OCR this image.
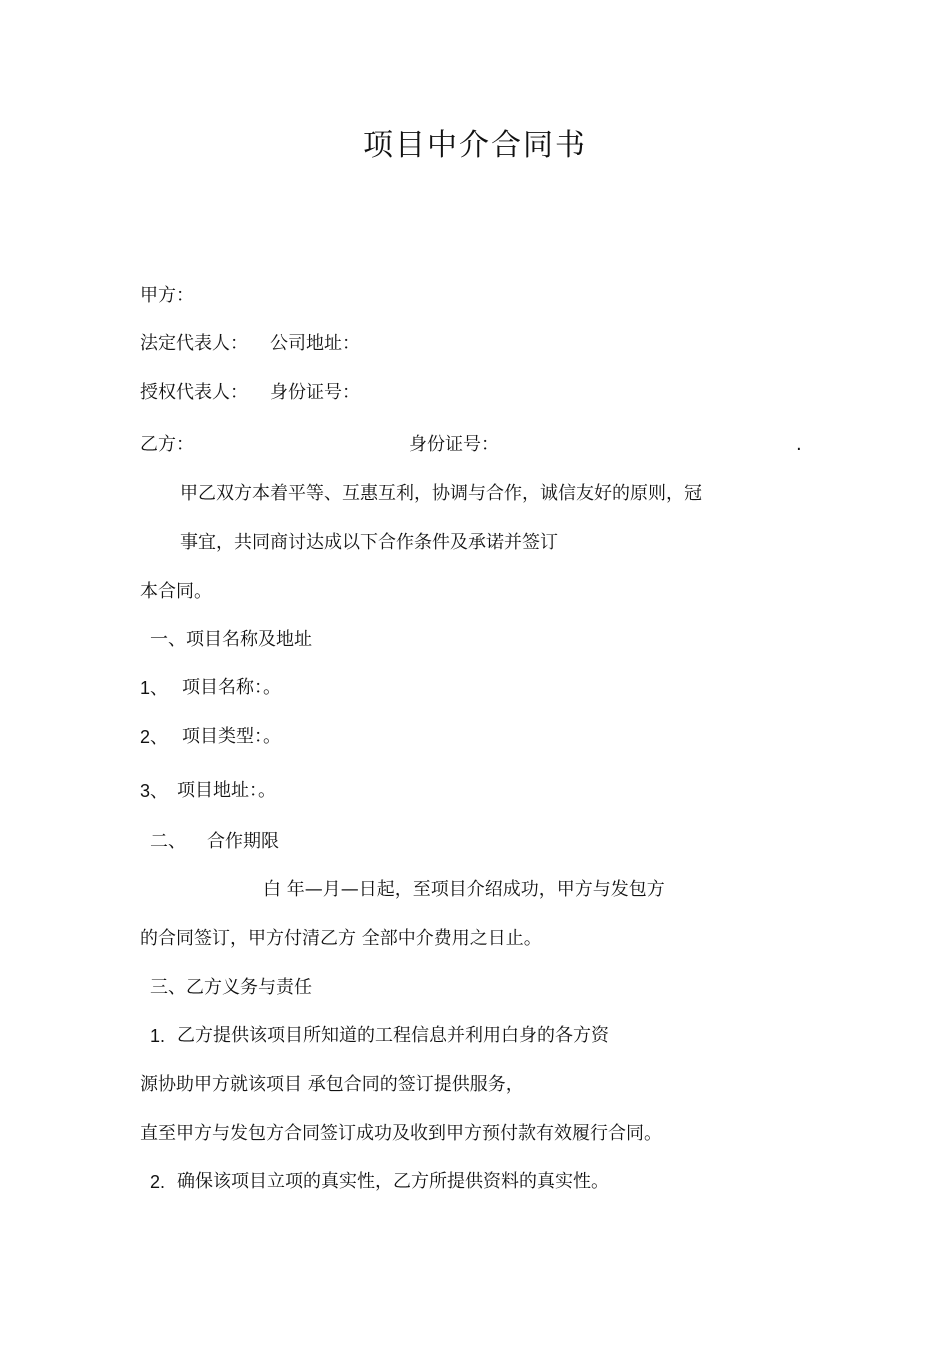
项目中介合同书
甲方：
法定代表人： 公司地址：
授权代表人： 身份证号：
乙方：	身份证号：	.
甲乙双方本着平等、互惠互利，协调与合作，诚信友好的原则，冠
事宜，共同商讨达成以下合作条件及承诺并签订
本合同。
一、项目名称及地址
1、 项目名称：。
2、 项目类型：。
3、 项目地址：。
二、 合作期限
白 年—月—日起，至项目介绍成功，甲方与发包方
的合同签订，甲方付清乙方 全部中介费用之日止。
三、乙方义务与责任
1. 乙方提供该项目所知道的工程信息并利用白身的各方资
源协助甲方就该项目 承包合同的签订提供服务，
直至甲方与发包方合同签订成功及收到甲方预付款有效履行合同。
2. 确保该项目立项的真实性，乙方所提供资料的真实性。
